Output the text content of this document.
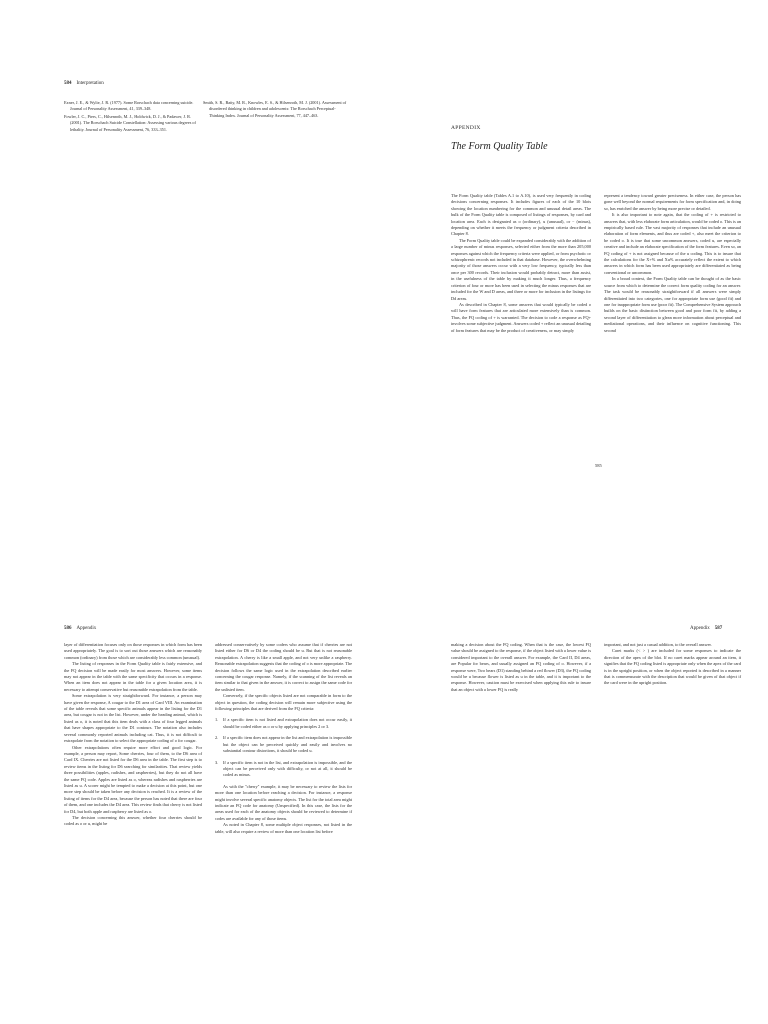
584 Interpretation

Exner, J. E., & Wylie, J. R. (1977). Some Rorschach data concerning suicide. Journal of Personality Assessment, 41, 339–348.

Fowler, J. C., Piers, C., Hilsenroth, M. J., Holdwick, D. J., & Padawer, J. R. (2001). The Rorschach Suicide Constellation: Assessing various degrees of lethality. Journal of Personality Assessment, 76, 333–351.

Smith, S. R., Baity, M. R., Knowles, E. S., & Hilsenroth, M. J. (2001). Assessment of disordered thinking in children and adolescents: The Rorschach Perceptual-Thinking Index. Journal of Personality Assessment, 77, 447–463.

APPENDIX
The Form Quality Table

The Form Quality table (Tables A.1 to A.10), is used very frequently in coding decisions concerning responses. It includes figures of each of the 10 blots showing the location numbering for the common and unusual detail areas. The bulk of the Form Quality table is composed of listings of responses, by card and location area. Each is designated as o (ordinary), u (unusual), or − (minus), depending on whether it meets the frequency or judgment criteria described in Chapter 8.

The Form Quality table could be expanded considerably with the addition of a large number of minus responses, selected either from the more than 205,000 responses against which the frequency criteria were applied, or from psychotic or schizophrenic records not included in that database. However, the overwhelming majority of those answers occur with a very low frequency, typically less than once per 300 records. Their inclusion would probably detract, more than assist, in the usefulness of the table by making it much longer. Thus, a frequency criterion of four or more has been used in selecting the minus responses that are included for the W and D areas, and three or more for inclusion in the listings for Dd areas.

As described in Chapter 8, some answers that would typically be coded o will have form features that are articulated more extensively than is common. Thus, the FQ coding of + is warranted. The decision to code a response as FQ+ involves some subjective judgment. Answers coded + reflect an unusual detailing of form features that may be the product of creativeness, or may simply

represent a tendency toward greater preciseness. In either case, the person has gone well beyond the normal requirements for form specification and, in doing so, has enriched the answer by being more precise or detailed.

It is also important to note again, that the coding of + is restricted to answers that, with less elaborate form articulation, would be coded o. This is an empirically based rule. The vast majority of responses that include an unusual elaboration of form elements, and thus are coded +, also meet the criterion to be coded o. It is true that some uncommon answers, coded u, are especially creative and include an elaborate specification of the form features. Even so, an FQ coding of + is not assigned because of the u coding. This is to insure that the calculations for the X+% and Xu% accurately reflect the extent to which answers in which form has been used appropriately are differentiated as being conventional or uncommon.

In a broad context, the Form Quality table can be thought of as the basic source from which to determine the correct form quality coding for an answer. The task would be reasonably straightforward if all answers were simply differentiated into two categories, one for appropriate form use (good fit) and one for inappropriate form use (poor fit). The Comprehensive System approach builds on the basic distinction between good and poor form fit, by adding a second layer of differentiation to glean more information about perceptual and mediational operations, and their influence on cognitive functioning. This second

585
586 Appendix

layer of differentiation focuses only on those responses in which form has been used appropriately. The goal is to sort out those answers which are reasonably common (ordinary) from those which are considerably less common (unusual).

The listing of responses in the Form Quality table is fairly extensive, and the FQ decision will be made easily for most answers. However, some items may not appear in the table with the same specificity that occurs in a response. When an item does not appear in the table for a given location area, it is necessary to attempt conservative but reasonable extrapolation from the table.

Some extrapolation is very straightforward. For instance, a person may have given the response, A cougar to the D1 area of Card VIII. An examination of the table reveals that some specific animals appear in the listing for the D1 area, but cougar is not in the list. However, under the heading animal, which is listed as o, it is noted that this item deals with a class of four legged animals that have shapes appropriate to the D1 contours. The notation also includes several commonly reported animals including cat. Thus, it is not difficult to extrapolate from the notation to select the appropriate coding of o for cougar.

Other extrapolations often require more effort and good logic. For example, a person may report, Some cherries, four of them, to the D6 area of Card IX. Cherries are not listed for the D6 area in the table. The first step is to review items in the listing for D6 searching for similarities. That review yields three possibilities (apples, radishes, and raspberries), but they do not all have the same FQ code. Apples are listed as o, whereas radishes and raspberries are listed as u. A scorer might be tempted to make a decision at this point, but one more step should be taken before any decision is reached. It is a review of the listing of items for the D4 area, because the person has noted that there are four of them, and one includes the D4 area. This review finds that cherry is not listed for D4, but both apple and raspberry are listed as o.

The decision concerning this answer, whether four cherries should be coded as o or u, might be

addressed conservatively by some coders who assume that if cherries are not listed either for D6 or D4 the coding should be u. But that is not reasonable extrapolation. A cherry is like a small apple, and not very unlike a raspberry. Reasonable extrapolation suggests that the coding of o is more appropriate. The decision follows the same logic used in the extrapolation described earlier concerning the cougar response. Namely, if the scanning of the list reveals an item similar to that given in the answer, it is correct to assign the same code for the unlisted item.

Conversely, if the specific objects listed are not comparable in form to the object in question, the coding decision will remain more subjective using the following principles that are derived from the FQ criteria:

1. If a specific item is not listed and extrapolation does not occur easily, it should be coded either as o or u by applying principles 2 or 3.
2. If a specific item does not appear in the list and extrapolation is impossible but the object can be perceived quickly and easily and involves no substantial contour distortions, it should be coded u.
3. If a specific item is not in the list, and extrapolation is impossible, and the object can be perceived only with difficulty, or not at all, it should be coded as minus.

As with the "cherry" example, it may be necessary to review the lists for more than one location before reaching a decision. For instance, a response might involve several specific anatomy objects. The list for the total area might indicate an FQ code for anatomy (Unspecified). In this case, the lists for the areas used for each of the anatomy objects should be reviewed to determine if codes are available for any of those items.

As noted in Chapter 8, some multiple object responses, not listed in the table, will also require a review of more than one location list before

Appendix 587

making a decision about the FQ coding. When that is the case, the lowest FQ value should be assigned to the response, if the object listed with a lower value is considered important to the overall answer. For example, the Card II, D4 areas, are Popular for bears, and usually assigned an FQ coding of o. However, if a response were, Two bears (D1) standing behind a red flower (D3), the FQ coding would be u because flower is listed as u in the table, and it is important to the response. However, caution must be exercised when applying this rule to insure that an object with a lower FQ is really

important, and not just a casual addition, to the overall answer.

Caret marks (< > ) are included for some responses to indicate the direction of the apex of the blot. If no caret marks appear around an item, it signifies that the FQ coding listed is appropriate only when the apex of the card is in the upright position, or when the object reported is described in a manner that is commensurate with the description that would be given of that object if the card were in the upright position.
